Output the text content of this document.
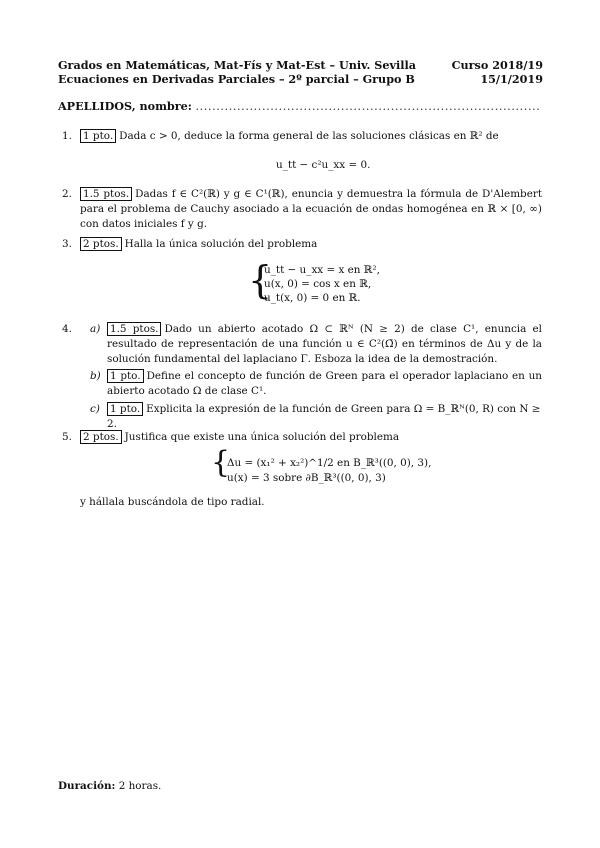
Grados en Matemáticas, Mat-Fís y Mat-Est – Univ. Sevilla	Curso 2018/19
Ecuaciones en Derivadas Parciales – 2º parcial – Grupo B	15/1/2019
APELLIDOS, nombre: ...................................................................................
1. 1 pto. Dada c > 0, deduce la forma general de las soluciones clásicas en ℝ² de
u_tt − c²u_xx = 0.
2. 1.5 ptos. Dadas f ∈ C²(ℝ) y g ∈ C¹(ℝ), enuncia y demuestra la fórmula de D'Alembert para el problema de Cauchy asociado a la ecuación de ondas homogénea en ℝ × [0, ∞) con datos iniciales f y g.
3. 2 ptos. Halla la única solución del problema
{
u_tt − u_xx = x en ℝ²,
u(x, 0) = cos x en ℝ,
u_t(x, 0) = 0 en ℝ.
4. a) 1.5 ptos. Dado un abierto acotado Ω ⊂ ℝᴺ (N ≥ 2) de clase C¹, enuncia el resultado de representación de una función u ∈ C²(Ω̄) en términos de Δu y de la solución fundamental del laplaciano Γ. Esboza la idea de la demostración.
b) 1 pto. Define el concepto de función de Green para el operador laplaciano en un abierto acotado Ω de clase C¹.
c) 1 pto. Explicita la expresión de la función de Green para Ω = B_ℝᴺ(0, R) con N ≥ 2.
5. 2 ptos. Justifica que existe una única solución del problema
{
Δu = (x₁² + x₂²)^1/2 en B_ℝ³((0, 0), 3),
u(x) = 3 sobre ∂B_ℝ³((0, 0), 3)
y hállala buscándola de tipo radial.
Duración: 2 horas.
